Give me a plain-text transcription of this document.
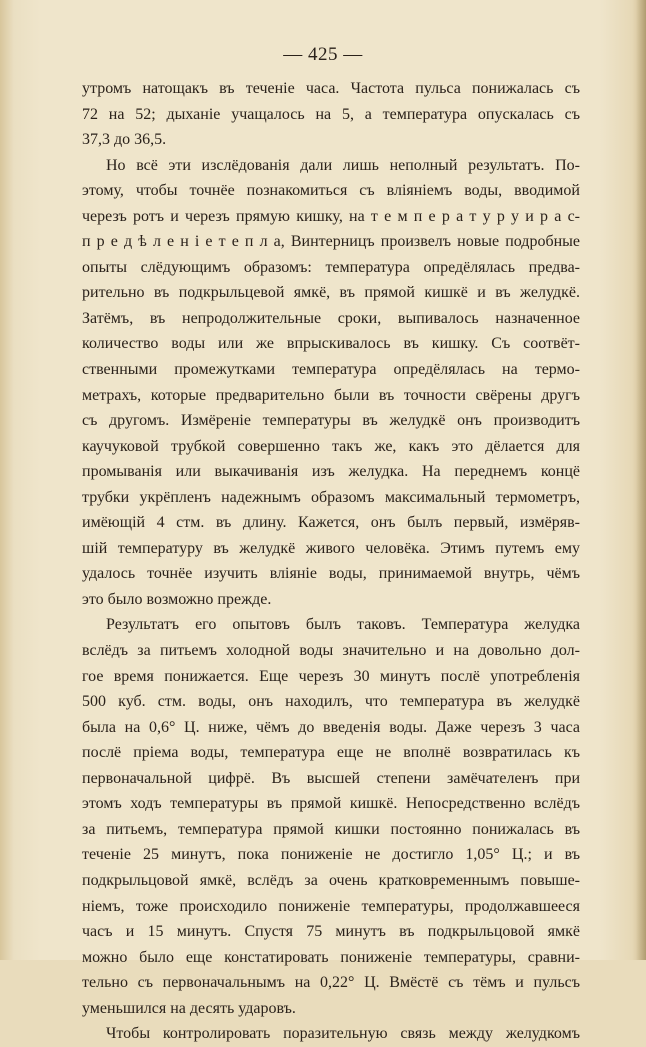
— 425 —
утромъ натощакъ въ теченіе часа. Частота пульса понижалась съ
72 на 52; дыханіе учащалось на 5, а температура опускалась съ
37,3 до 36,5.
Но всё эти изслёдованія дали лишь неполный результатъ. По-
этому, чтобы точнёе познакомиться съ вліяніемъ воды, вводимой
черезъ ротъ и черезъ прямую кишку, на т е м п е р а т у р у и р а с-
п р е д ѣ л е н і е т е п л а, Винтерницъ произвелъ новые подробные
опыты слёдующимъ образомъ: температура опредёлялась предва-
рительно въ подкрыльцевой ямкё, въ прямой кишкё и въ желудкё.
Затёмъ, въ непродолжительные сроки, выпивалось назначенное
количество воды или же впрыскивалось въ кишку. Съ соотвёт-
ственными промежутками температура опредёлялась на термо-
метрахъ, которые предварительно были въ точности свёрены другъ
съ другомъ. Измёреніе температуры въ желудкё онъ производитъ
каучуковой трубкой совершенно такъ же, какъ это дёлается для
промыванія или выкачиванія изъ желудка. На переднемъ концё
трубки укрёпленъ надежнымъ образомъ максимальный термометръ,
имёющій 4 стм. въ длину. Кажется, онъ былъ первый, измёряв-
шій температуру въ желудкё живого человёка. Этимъ путемъ ему
удалось точнёе изучить вліяніе воды, принимаемой внутрь, чёмъ
это было возможно прежде.
Результатъ его опытовъ былъ таковъ. Температура желудка
вслёдъ за питьемъ холодной воды значительно и на довольно дол-
гое время понижается. Еще черезъ 30 минутъ послё употребленія
500 куб. стм. воды, онъ находилъ, что температура въ желудкё
была на 0,6° Ц. ниже, чёмъ до введенія воды. Даже черезъ 3 часа
послё пріема воды, температура еще не вполнё возвратилась къ
первоначальной цифрё. Въ высшей степени замёчателенъ при
этомъ ходъ температуры въ прямой кишкё. Непосредственно вслёдъ
за питьемъ, температура прямой кишки постоянно понижалась въ
теченіе 25 минутъ, пока пониженіе не достигло 1,05° Ц.; и въ
подкрыльцовой ямкё, вслёдъ за очень кратковременнымъ повыше-
ніемъ, тоже происходило пониженіе температуры, продолжавшееся
часъ и 15 минутъ. Спустя 75 минутъ въ подкрыльцовой ямкё
можно было еще констатировать пониженіе температуры, сравни-
тельно съ первоначальнымъ на 0,22° Ц. Вмёстё съ тёмъ и пульсъ
уменьшился на десять ударовъ.
Чтобы контролировать поразительную связь между желудкомъ
